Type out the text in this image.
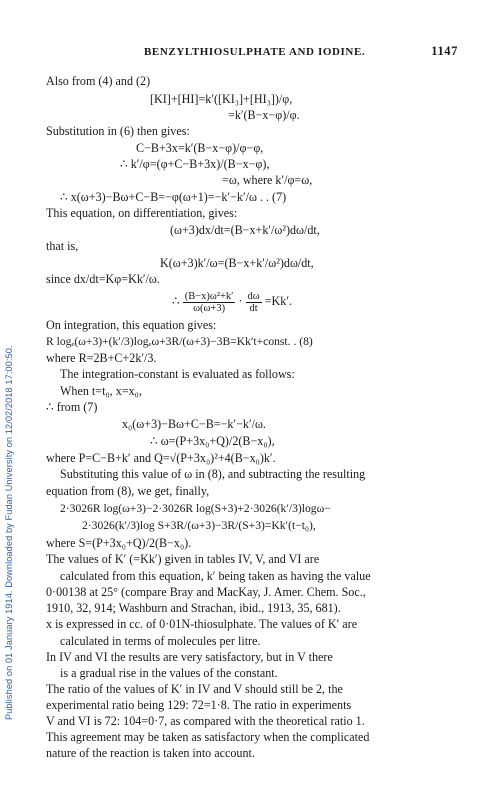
Published on 01 January 1914. Downloaded by Fudan University on 12/02/2018 17:00:50.
BENZYLTHIOSULPHATE AND IODINE.	1147
Also from (4) and (2)
[KI]+[HI]=k′([KI₃]+[HI₃])/φ,
=k′(B−x−φ)/φ.
Substitution in (6) then gives:
C−B+3x=k′(B−x−φ)/φ−φ,
∴ k′/φ=(φ+C−B+3x)/(B−x−φ),
=ω, where k′/φ=ω,
∴ x(ω+3)−Bω+C−B=−φ(ω+1)=−k′−k′/ω . . (7)
This equation, on differentiation, gives:
(ω+3)dx/dt=(B−x+k′/ω²)dω/dt,
that is,
K(ω+3)k′/ω=(B−x+k′/ω²)dω/dt,
since dx/dt=Kφ=Kk′/ω.
∴ $\frac{\text{(B−x)ω²+k′}}{\omega(\omega+3)} \cdot \frac{d\omega}{dt} =Kk'$.
On integration, this equation gives:
R logₑ(ω+3)+(k′/3)logₑω+3R/(ω+3)−3B=Kk′t+const. . (8)
where R=2B+C+2k′/3.
The integration-constant is evaluated as follows:
When t=t₀, x=x₀,
∴ from (7)
x₀(ω+3)−Bω+C−B=−k′−k′/ω.
∴ ω=(P+3x₀+Q)/2(B−x₀),
where P=C−B+k′ and Q=√(P+3x₀)²+4(B−x₀)k′.
Substituting this value of ω in (8), and subtracting the resulting
equation from (8), we get, finally,
2·3026R log(ω+3)−2·3026R log(S+3)+2·3026(k′/3)logω−
2·3026(k′/3)log S+3R/(ω+3)−3R/(S+3)=Kk′(t−t₀),
where S=(P+3x₀+Q)/2(B−x₀).
The values of K′ (=Kk′) given in tables IV, V, and VI are
calculated from this equation, k′ being taken as having the value
0·00138 at 25° (compare Bray and MacKay, J. Amer. Chem. Soc.,
1910, 32, 914; Washburn and Strachan, ibid., 1913, 35, 681).
x is expressed in cc. of 0·01N-thiosulphate. The values of K′ are
calculated in terms of molecules per litre.
In IV and VI the results are very satisfactory, but in V there
is a gradual rise in the values of the constant.
The ratio of the values of K′ in IV and V should still be 2, the
experimental ratio being 129: 72=1·8. The ratio in experiments
V and VI is 72: 104=0·7, as compared with the theoretical ratio 1.
This agreement may be taken as satisfactory when the complicated
nature of the reaction is taken into account.
